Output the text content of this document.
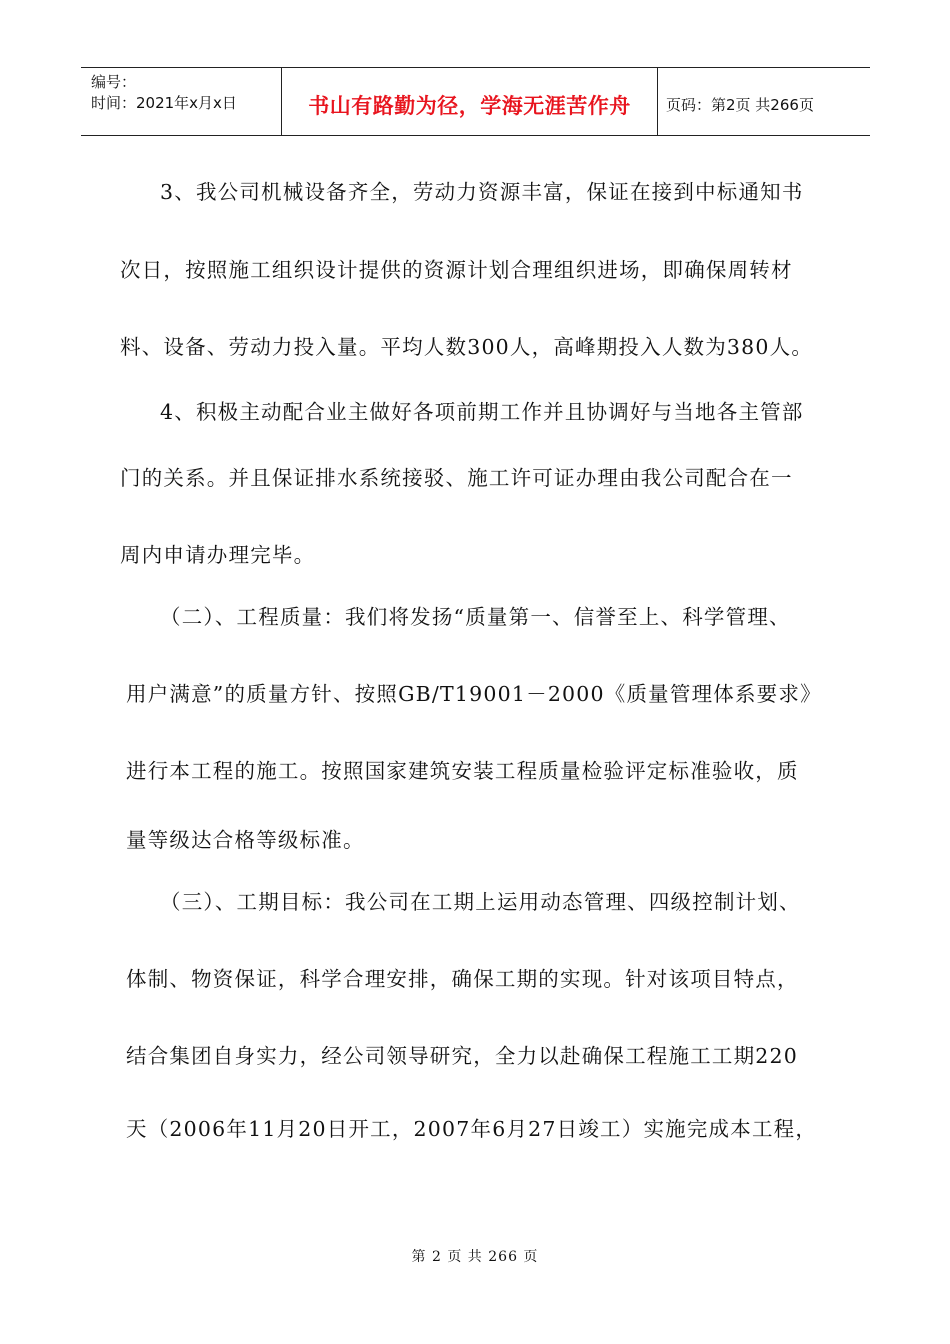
编号：
时间：2021年x月x日	书山有路勤为径，学海无涯苦作舟	页码：第2页 共266页
3、我公司机械设备齐全，劳动力资源丰富，保证在接到中标通知书
次日，按照施工组织设计提供的资源计划合理组织进场，即确保周转材
料、设备、劳动力投入量。平均人数300人，高峰期投入人数为380人。
4、积极主动配合业主做好各项前期工作并且协调好与当地各主管部
门的关系。并且保证排水系统接驳、施工许可证办理由我公司配合在一
周内申请办理完毕。
（二）、工程质量：我们将发扬“质量第一、信誉至上、科学管理、
用户满意”的质量方针、按照GB/T19001－2000《质量管理体系要求》
进行本工程的施工。按照国家建筑安装工程质量检验评定标准验收，质
量等级达合格等级标准。
（三）、工期目标：我公司在工期上运用动态管理、四级控制计划、
体制、物资保证，科学合理安排，确保工期的实现。针对该项目特点，
结合集团自身实力，经公司领导研究，全力以赴确保工程施工工期220
天（2006年11月20日开工，2007年6月27日竣工）实施完成本工程，
第 2 页 共 266 页
